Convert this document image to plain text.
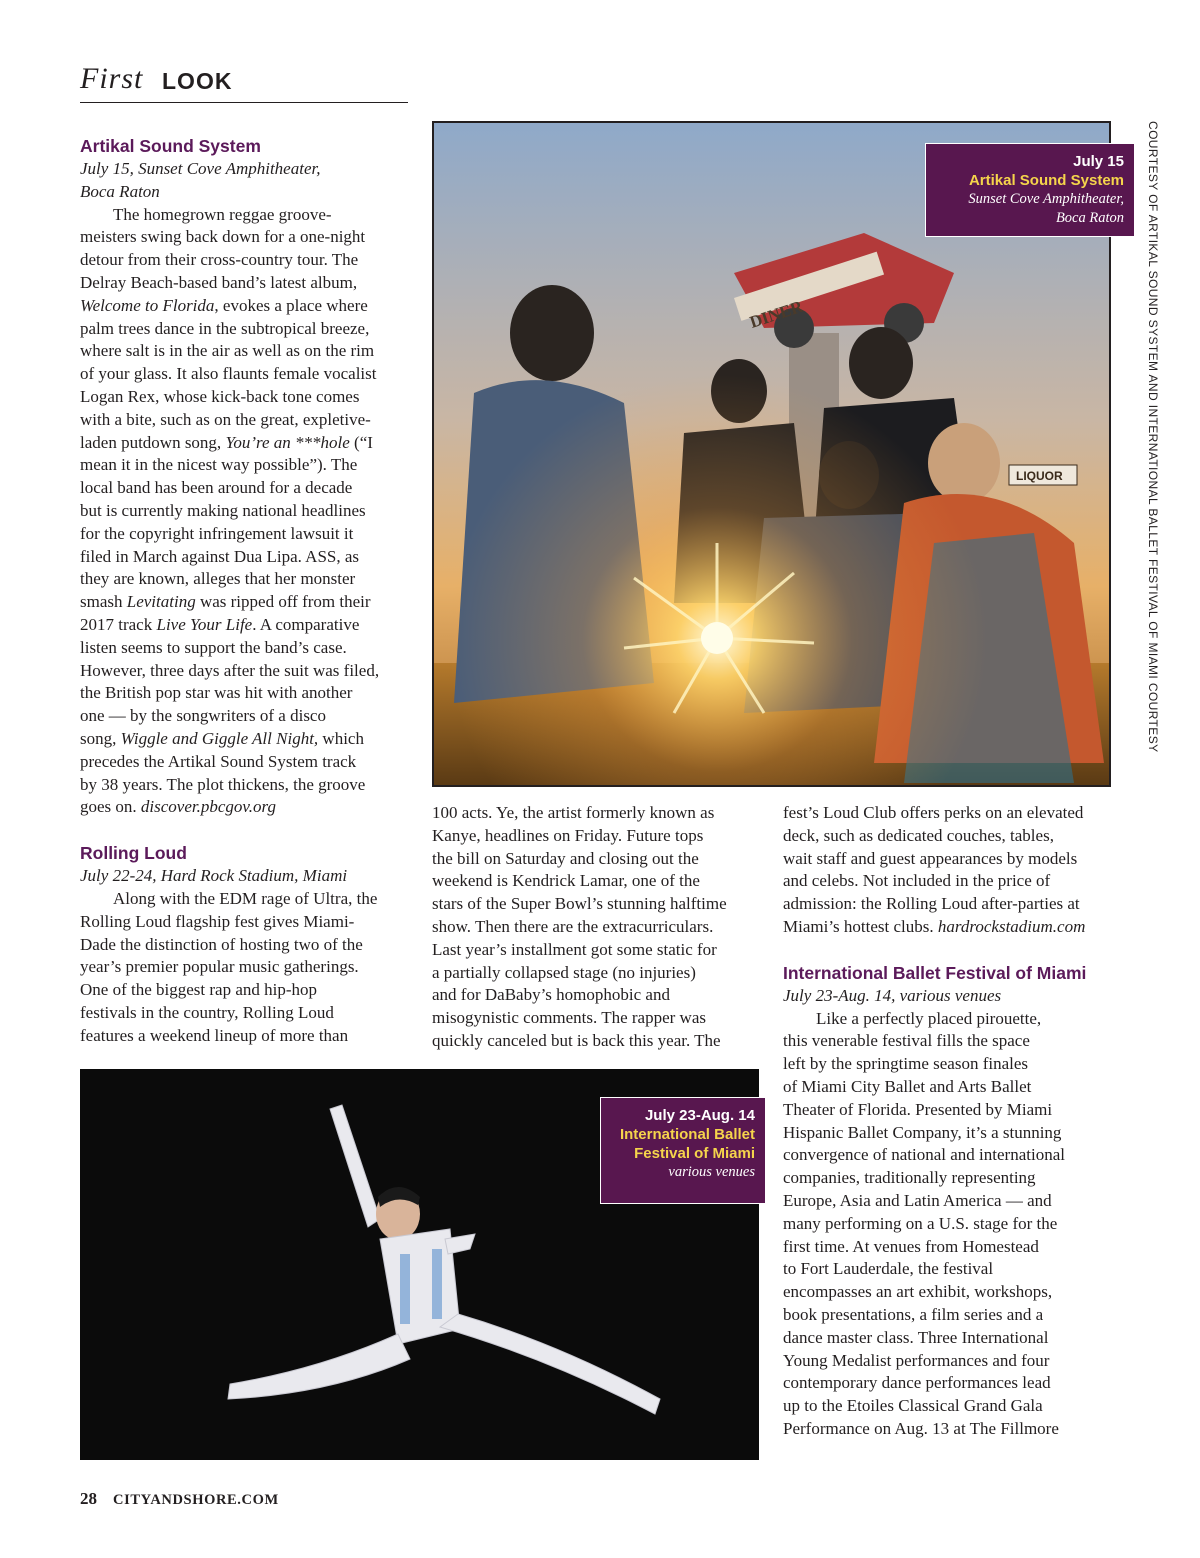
First LOOK

Artikal Sound System

July 15, Sunset Cove Amphitheater,

Boca Raton

The homegrown reggae groove-

meisters swing back down for a one-night

detour from their cross-country tour. The

Delray Beach-based band’s latest album,

Welcome to Florida, evokes a place where

palm trees dance in the subtropical breeze,

where salt is in the air as well as on the rim

of your glass. It also flaunts female vocalist

Logan Rex, whose kick-back tone comes

with a bite, such as on the great, expletive-

laden putdown song, You’re an ***hole (“I

mean it in the nicest way possible”). The

local band has been around for a decade

but is currently making national headlines

for the copyright infringement lawsuit it

filed in March against Dua Lipa. ASS, as

they are known, alleges that her monster

smash Levitating was ripped off from their

2017 track Live Your Life. A comparative

listen seems to support the band’s case.

However, three days after the suit was filed,

the British pop star was hit with another

one — by the songwriters of a disco

song, Wiggle and Giggle All Night, which

precedes the Artikal Sound System track

by 38 years. The plot thickens, the groove

goes on. discover.pbcgov.org

Rolling Loud

July 22-24, Hard Rock Stadium, Miami

Along with the EDM rage of Ultra, the

Rolling Loud flagship fest gives Miami-

Dade the distinction of hosting two of the

year’s premier popular music gatherings.

One of the biggest rap and hip-hop

festivals in the country, Rolling Loud

features a weekend lineup of more than

July 15
Artikal Sound System
Sunset Cove Amphitheater,
Boca Raton

100 acts. Ye, the artist formerly known as

Kanye, headlines on Friday. Future tops

the bill on Saturday and closing out the

weekend is Kendrick Lamar, one of the

stars of the Super Bowl’s stunning halftime

show. Then there are the extracurriculars.

Last year’s installment got some static for

a partially collapsed stage (no injuries)

and for DaBaby’s homophobic and

misogynistic comments. The rapper was

quickly canceled but is back this year. The

fest’s Loud Club offers perks on an elevated

deck, such as dedicated couches, tables,

wait staff and guest appearances by models

and celebs. Not included in the price of

admission: the Rolling Loud after-parties at

Miami’s hottest clubs. hardrockstadium.com

International Ballet Festival of Miami

July 23-Aug. 14, various venues

Like a perfectly placed pirouette,

this venerable festival fills the space

left by the springtime season finales

of Miami City Ballet and Arts Ballet

Theater of Florida. Presented by Miami

Hispanic Ballet Company, it’s a stunning

convergence of national and international

companies, traditionally representing

Europe, Asia and Latin America — and

many performing on a U.S. stage for the

first time. At venues from Homestead

to Fort Lauderdale, the festival

encompasses an art exhibit, workshops,

book presentations, a film series and a

dance master class. Three International

Young Medalist performances and four

contemporary dance performances lead

up to the Etoiles Classical Grand Gala

Performance on Aug. 13 at The Fillmore

July 23-Aug. 14
International Ballet
Festival of Miami
various venues
COURTESY OF ARTIKAL SOUND SYSTEM AND INTERNATIONAL BALLET FESTIVAL OF MIAMI COURTESY
28 CITYANDSHORE.COM
